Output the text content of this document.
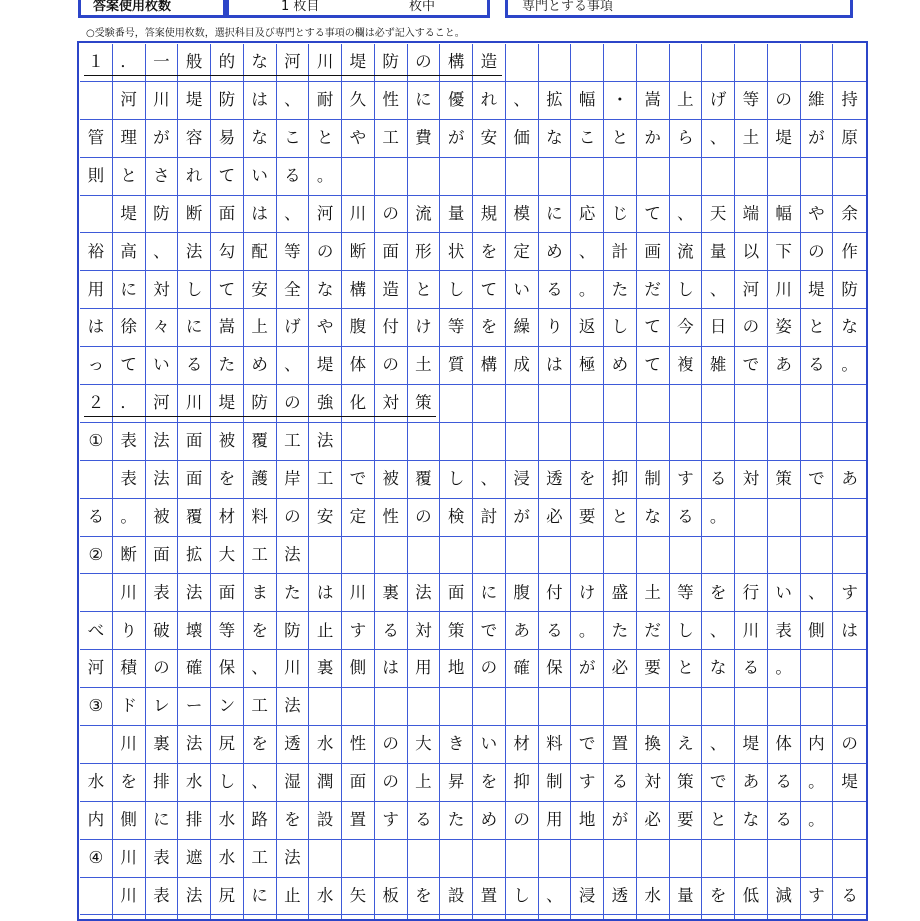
答案使用枚数	1 枚目	枚中	専門とする事項
○受験番号，答案使用枚数，選択科目及び専門とする事項の欄は必ず記入すること。
１ ． 一 般 的 な 河 川 堤 防 の 構 造
河 川 堤 防 は 、 耐 久 性 に 優 れ 、 拡 幅 ・ 嵩 上 げ 等 の 維	持
管 理 が 容 易 な こ と や 工 費 が 安 価 な こ と か ら 、 土 堤 が	原
則 と さ れ て い る 。
堤 防 断 面 は 、 河 川 の 流 量 規 模 に 応 じ て 、 天 端 幅 や	余
裕 高 、 法 勾 配 等 の 断 面 形 状 を 定 め 、 計 画 流 量 以 下 の	作
用 に 対 し て 安 全 な 構 造 と し て い る 。 た だ し 、 河 川 堤	防
は 徐 々 に 嵩 上 げ や 腹 付 け 等 を 繰 り 返 し て 今 日 の 姿 と	な
っ て い る た め 、 堤 体 の 土 質 構 成 は 極 め て 複 雑 で あ る	。
２ ． 河 川 堤 防 の 強 化 対 策
①	表 法 面 被 覆 工 法
表 法 面 を 護 岸 工 で 被 覆 し 、 浸 透 を 抑 制 す る 対 策 で	あ
る 。 被 覆 材 料 の 安 定 性 の 検 討 が 必 要 と な る 。
②	断 面 拡 大 工 法
川 表 法 面 ま た は 川 裏 法 面 に 腹 付 け 盛 土 等 を 行 い 、	す
べ り 破 壊 等 を 防 止 す る 対 策 で あ る 。 た だ し 、 川 表 側	は
河 積 の 確 保 、 川 裏 側 は 用 地 の 確 保 が 必 要 と な る 。
③	ド レ ー ン 工 法
川 裏 法 尻 を 透 水 性 の 大 き い 材 料 で 置 換 え 、 堤 体 内	の
水 を 排 水 し 、 湿 潤 面 の 上 昇 を 抑 制 す る 対 策 で あ る 。	堤
内 側 に 排 水 路 を 設 置 す る た め の 用 地 が 必 要 と な る 。
④	川 表 遮 水 工 法
川 表 法 尻 に 止 水 矢 板 を 設 置 し 、 浸 透 水 量 を 低 減 す	る
